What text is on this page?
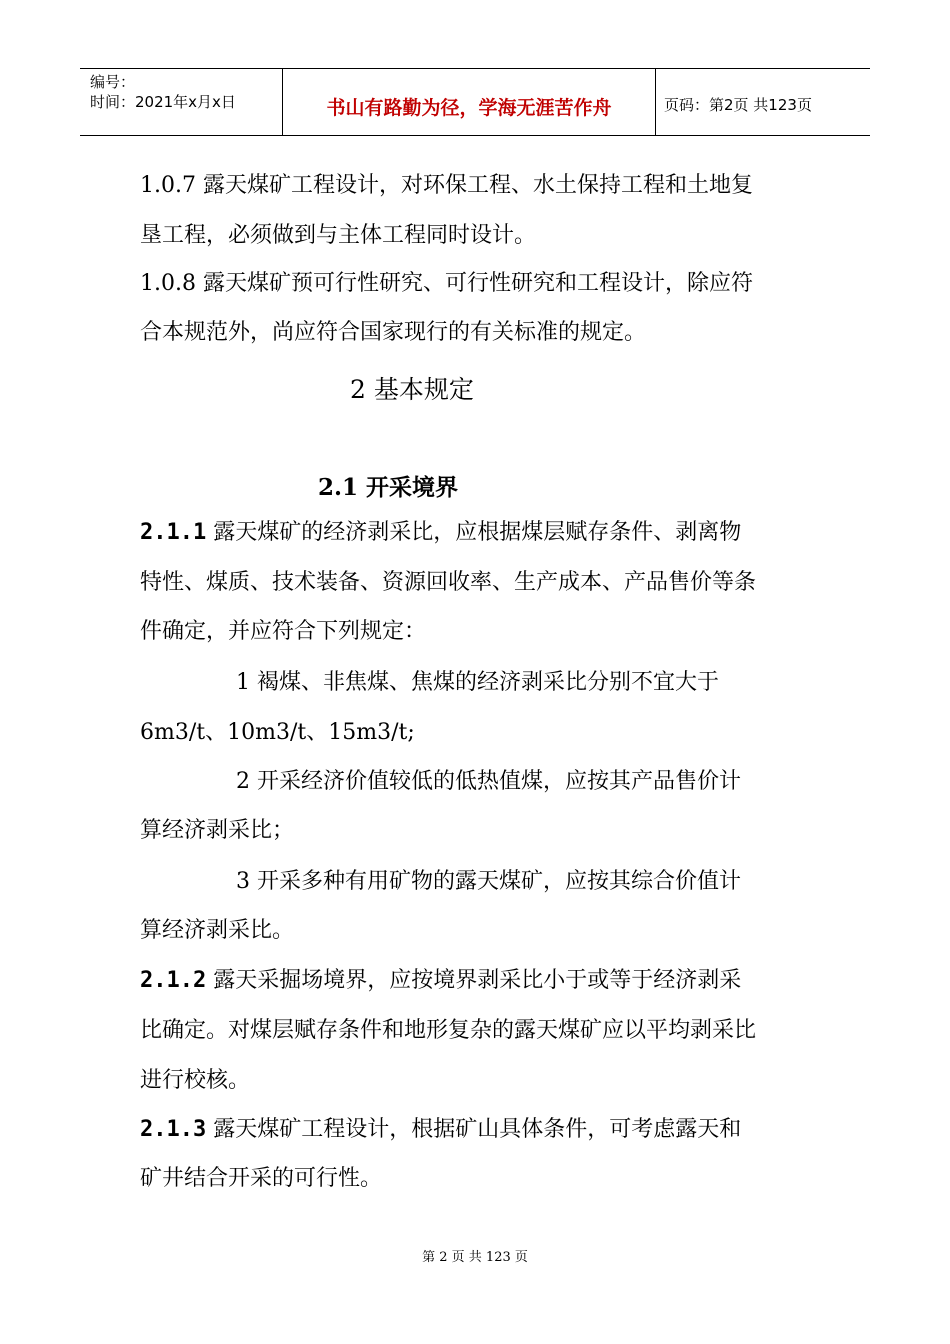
编号：
时间：2021年x月x日	书山有路勤为径，学海无涯苦作舟	页码：第2页 共123页
1.0.7 露天煤矿工程设计，对环保工程、水土保持工程和土地复
垦工程，必须做到与主体工程同时设计。
1.0.8 露天煤矿预可行性研究、可行性研究和工程设计，除应符
合本规范外，尚应符合国家现行的有关标准的规定。
2 基本规定
2.1 开采境界
2.1.1 露天煤矿的经济剥采比，应根据煤层赋存条件、剥离物
特性、煤质、技术装备、资源回收率、生产成本、产品售价等条
件确定，并应符合下列规定：
1 褐煤、非焦煤、焦煤的经济剥采比分别不宜大于
6m3/t、10m3/t、15m3/t;
2 开采经济价值较低的低热值煤，应按其产品售价计
算经济剥采比；
3 开采多种有用矿物的露天煤矿，应按其综合价值计
算经济剥采比。
2.1.2 露天采掘场境界，应按境界剥采比小于或等于经济剥采
比确定。对煤层赋存条件和地形复杂的露天煤矿应以平均剥采比
进行校核。
2.1.3 露天煤矿工程设计，根据矿山具体条件，可考虑露天和
矿井结合开采的可行性。
第 2 页 共 123 页
